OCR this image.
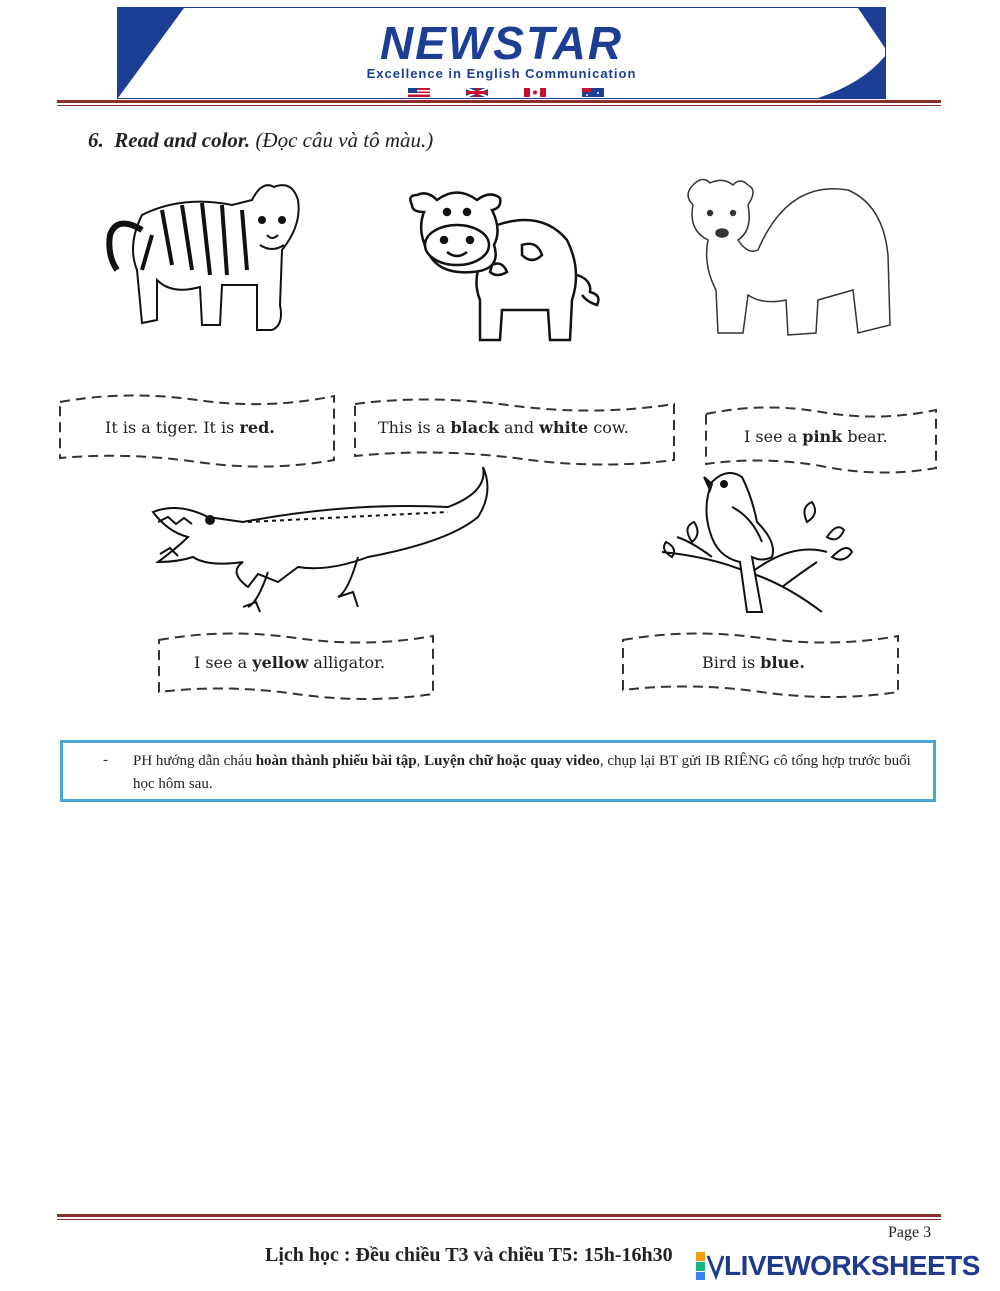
NEWSTAR
Excellence in English Communication
6. Read and color. (Đọc câu và tô màu.)
It is a tiger. It is red.	This is a black and white cow.	I see a pink bear.
I see a yellow alligator.	Bird is blue.
- PH hướng dẫn cháu hoàn thành phiếu bài tập, Luyện chữ hoặc quay video, chụp lại BT gửi IB RIÊNG cô tổng hợp trước buổi học hôm sau.
Page 3
Lịch học : Đều chiều T3 và chiều T5: 15h-16h30 LIVEWORKSHEETS
